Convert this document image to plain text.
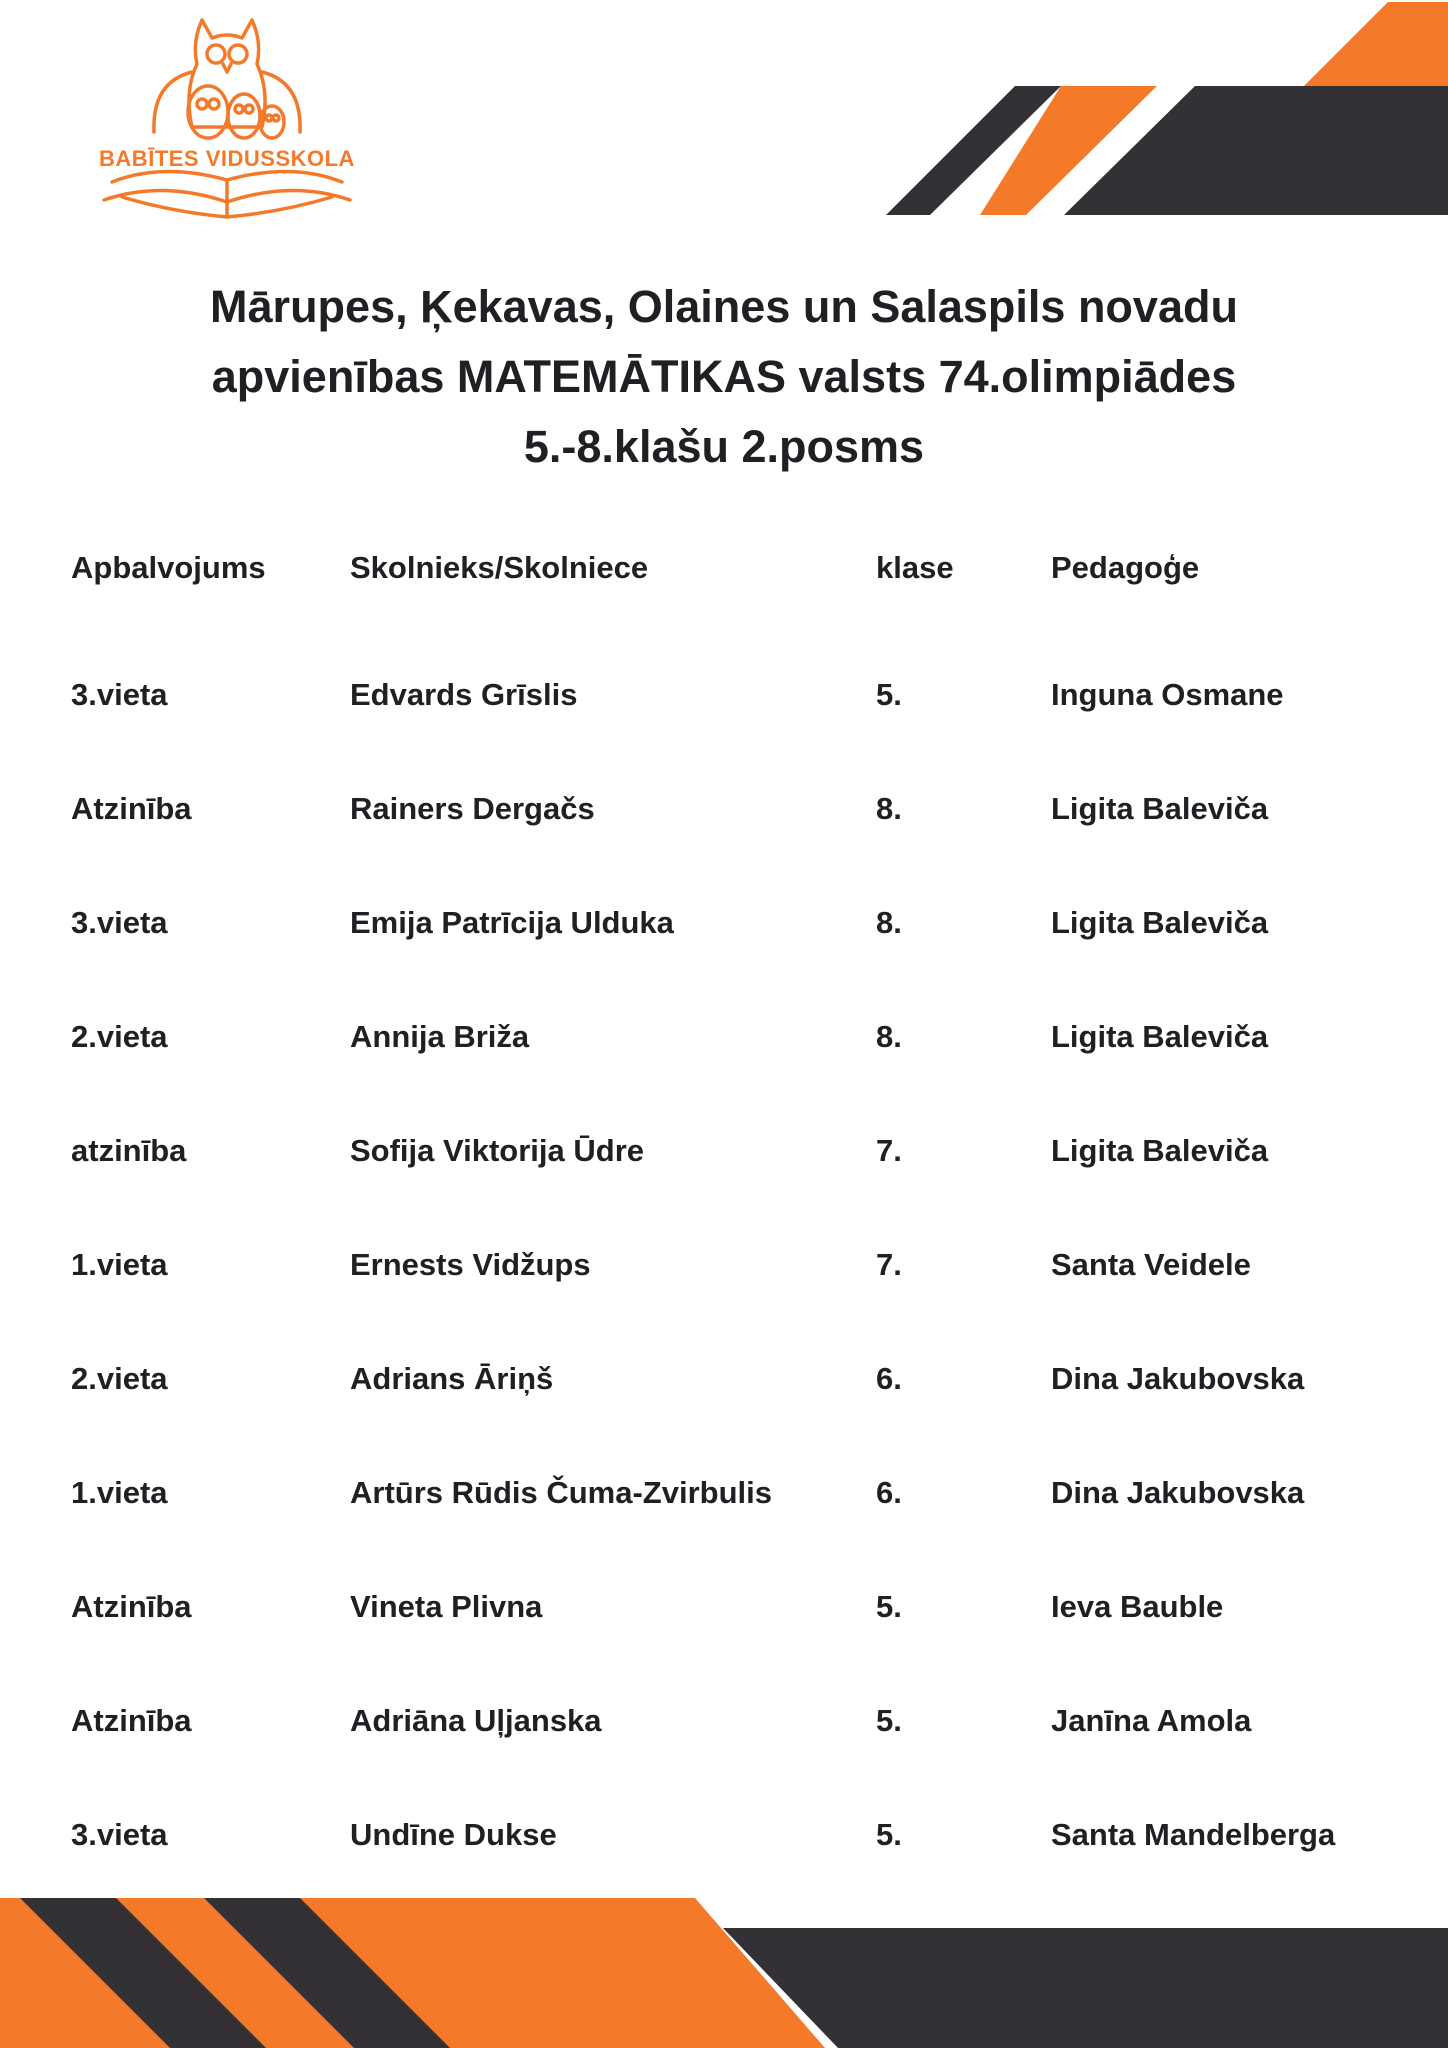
BABĪTES VIDUSSKOLA
Mārupes, Ķekavas, Olaines un Salaspils novadu
apvienības MATEMĀTIKAS valsts 74.olimpiādes
5.-8.klašu 2.posms
Apbalvojums	Skolnieks/Skolniece	klase	Pedagoģe
3.vieta	Edvards Grīslis	5.	Inguna Osmane
Atzinība	Rainers Dergačs	8.	Ligita Baleviča
3.vieta	Emija Patrīcija Ulduka	8.	Ligita Baleviča
2.vieta	Annija Briža	8.	Ligita Baleviča
atzinība	Sofija Viktorija Ūdre	7.	Ligita Baleviča
1.vieta	Ernests Vidžups	7.	Santa Veidele
2.vieta	Adrians Āriņš	6.	Dina Jakubovska
1.vieta	Artūrs Rūdis Čuma-Zvirbulis	6.	Dina Jakubovska
Atzinība	Vineta Plivna	5.	Ieva Bauble
Atzinība	Adriāna Uļjanska	5.	Janīna Amola
3.vieta	Undīne Dukse	5.	Santa Mandelberga
